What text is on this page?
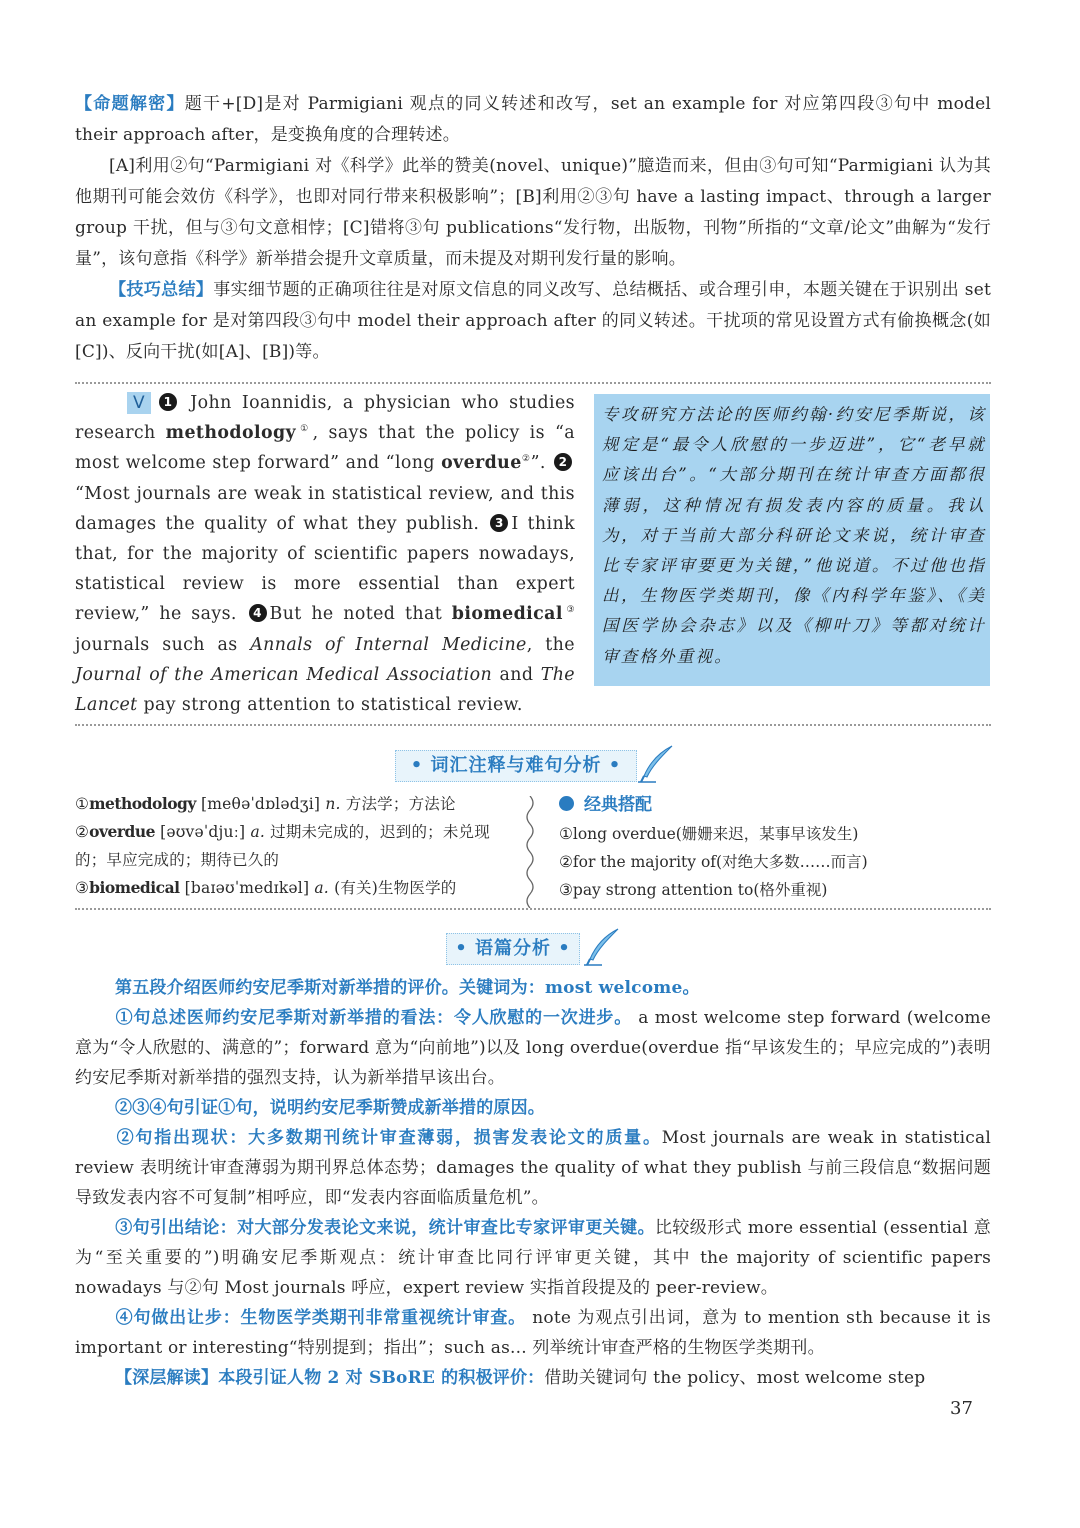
【命题解密】题干+[D]是对 Parmigiani 观点的同义转述和改写，set an example for 对应第四段③句中 model their approach after，是变换角度的合理转述。
[A]利用②句“Parmigiani 对《科学》此举的赞美(novel、unique)”臆造而来，但由③句可知“Parmigiani 认为其他期刊可能会效仿《科学》，也即对同行带来积极影响”；[B]利用②③句 have a lasting impact、through a larger group 干扰，但与③句文意相悖；[C]错将③句 publications“发行物，出版物，刊物”所指的“文章/论文”曲解为“发行量”，该句意指《科学》新举措会提升文章质量，而未提及对期刊发行量的影响。
【技巧总结】事实细节题的正确项往往是对原文信息的同义改写、总结概括、或合理引申，本题关键在于识别出 set an example for 是对第四段③句中 model their approach after 的同义转述。干扰项的常见设置方式有偷换概念(如[C])、反向干扰(如[A]、[B])等。

V 1 John Ioannidis, a physician who studies research methodology①, says that the policy is “a most welcome step forward” and “long overdue②”. 2“Most journals are weak in statistical review, and this damages the quality of what they publish. 3 I think that, for the majority of scientific papers nowadays, statistical review is more essential than expert review,” he says. 4 But he noted that biomedical③ journals such as Annals of Internal Medicine, the Journal of the American Medical Association and The Lancet pay strong attention to statistical review.

专攻研究方法论的医师约翰·约安尼季斯说，该规定是“最令人欣慰的一步迈进”，它“老早就应该出台”。“大部分期刊在统计审查方面都很薄弱，这种情况有损发表内容的质量。我认为，对于当前大部分科研论文来说，统计审查比专家评审要更为关键，”他说道。不过他也指出，生物医学类期刊，像《内科学年鉴》、《美国医学协会杂志》以及《柳叶刀》等都对统计审查格外重视。

• 词汇注释与难句分析 •
①methodology [meθəˈdɒlədʒi] n. 方法学；方法论
②overdue [əʊvəˈdjuː] a. 过期未完成的，迟到的；未兑现的；早应完成的；期待已久的
③biomedical [baɪəʊˈmedɪkəl] a. (有关)生物医学的
经典搭配
①long overdue(姗姗来迟，某事早该发生)
②for the majority of(对绝大多数……而言)
③pay strong attention to(格外重视)
• 语篇分析 •

第五段介绍医师约安尼季斯对新举措的评价。关键词为：most welcome。
①句总述医师约安尼季斯对新举措的看法：令人欣慰的一次进步。 a most welcome step forward (welcome 意为“令人欣慰的、满意的”；forward 意为“向前地”)以及 long overdue(overdue 指“早该发生的；早应完成的”)表明约安尼季斯对新举措的强烈支持，认为新举措早该出台。
②③④句引证①句，说明约安尼季斯赞成新举措的原因。
②句指出现状：大多数期刊统计审查薄弱，损害发表论文的质量。Most journals are weak in statistical review 表明统计审查薄弱为期刊界总体态势；damages the quality of what they publish 与前三段信息“数据问题导致发表内容不可复制”相呼应，即“发表内容面临质量危机”。
③句引出结论：对大部分发表论文来说，统计审查比专家评审更关键。比较级形式 more essential (essential 意为“至关重要的”)明确安尼季斯观点：统计审查比同行评审更关键，其中 the majority of scientific papers nowadays 与②句 Most journals 呼应，expert review 实指首段提及的 peer-review。
④句做出让步：生物医学类期刊非常重视统计审查。 note 为观点引出词，意为 to mention sth because it is important or interesting“特别提到；指出”；such as... 列举统计审查严格的生物医学类期刊。
【深层解读】本段引证人物 2 对 SBoRE 的积极评价：借助关键词句 the policy、most welcome step

37
